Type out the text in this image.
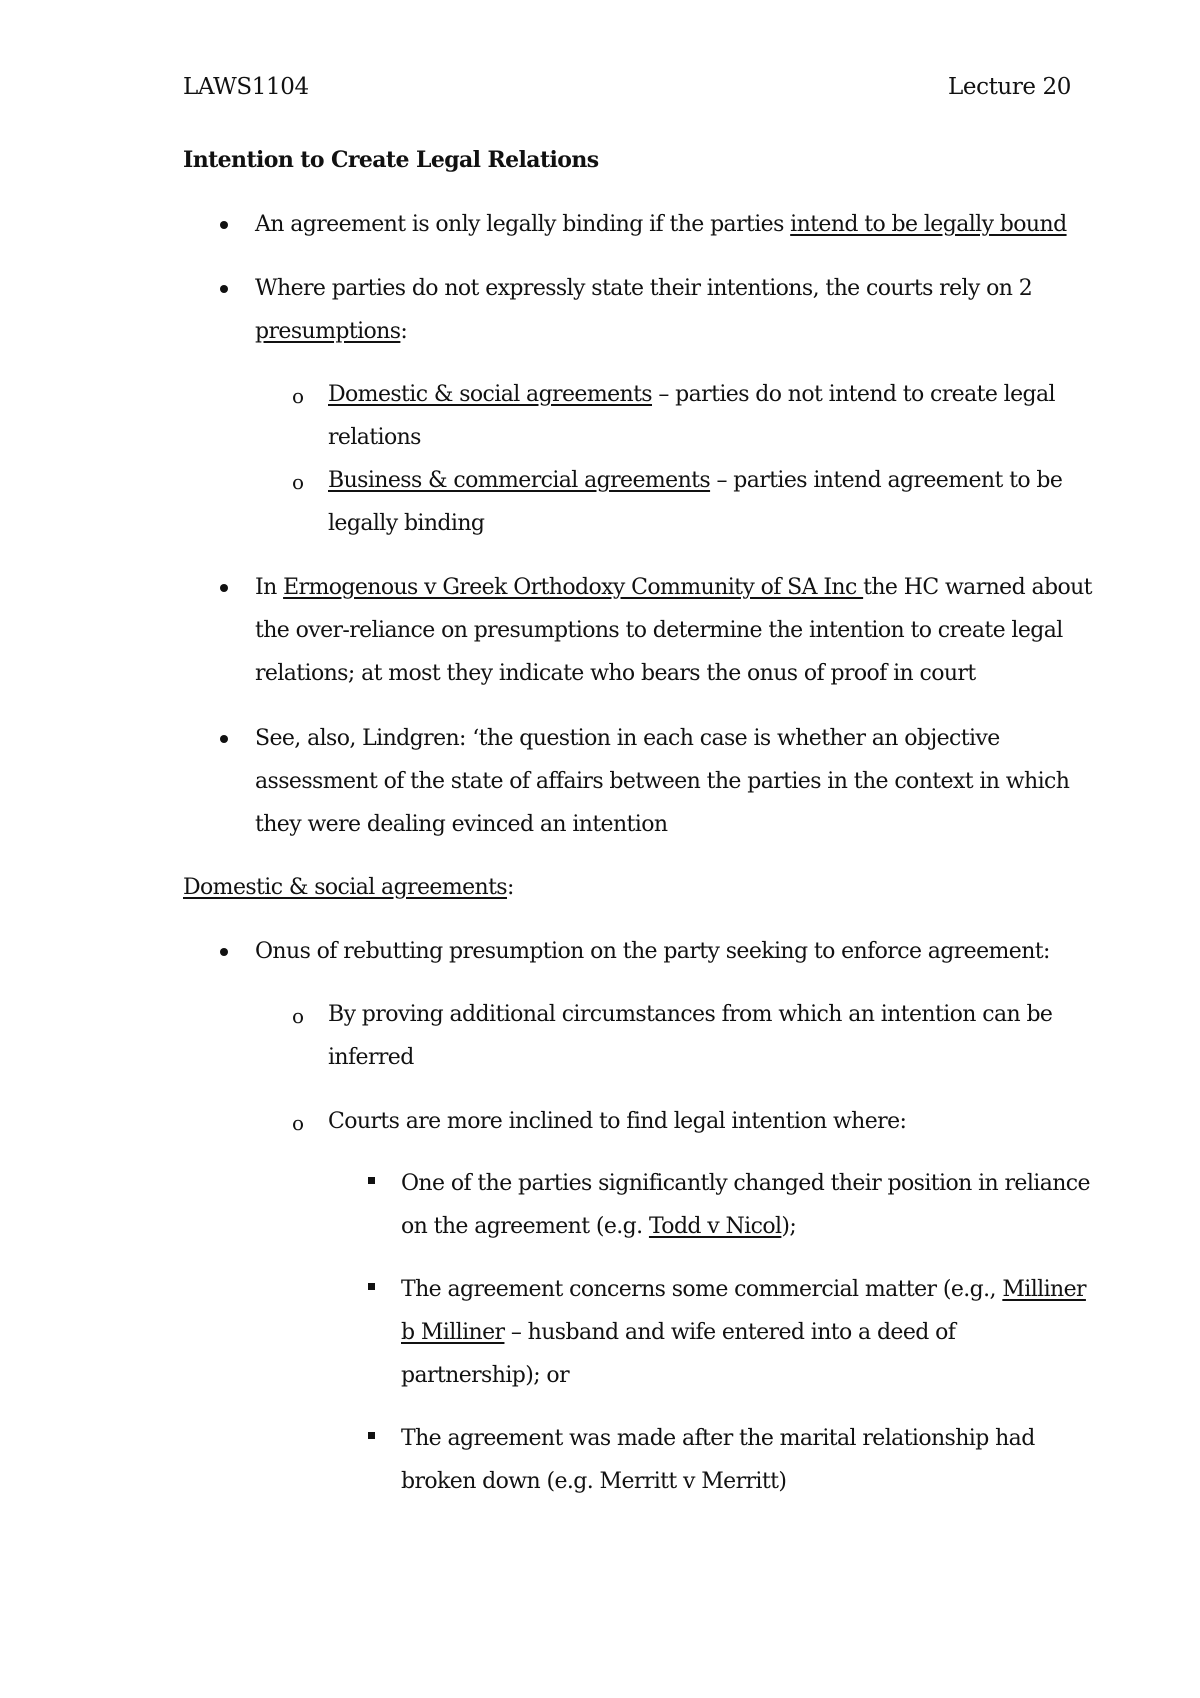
LAWS1104	Lecture 20
Intention to Create Legal Relations
An agreement is only legally binding if the parties intend to be legally bound
Where parties do not expressly state their intentions, the courts rely on 2
presumptions:
o Domestic & social agreements – parties do not intend to create legal
relations
o Business & commercial agreements – parties intend agreement to be
legally binding
In Ermogenous v Greek Orthodoxy Community of SA Inc the HC warned about
the over-reliance on presumptions to determine the intention to create legal
relations; at most they indicate who bears the onus of proof in court
See, also, Lindgren: ‘the question in each case is whether an objective
assessment of the state of affairs between the parties in the context in which
they were dealing evinced an intention
Domestic & social agreements:
Onus of rebutting presumption on the party seeking to enforce agreement:
o By proving additional circumstances from which an intention can be
inferred
o Courts are more inclined to find legal intention where:
One of the parties significantly changed their position in reliance
on the agreement (e.g. Todd v Nicol);
The agreement concerns some commercial matter (e.g., Milliner
b Milliner – husband and wife entered into a deed of
partnership); or
The agreement was made after the marital relationship had
broken down (e.g. Merritt v Merritt)
